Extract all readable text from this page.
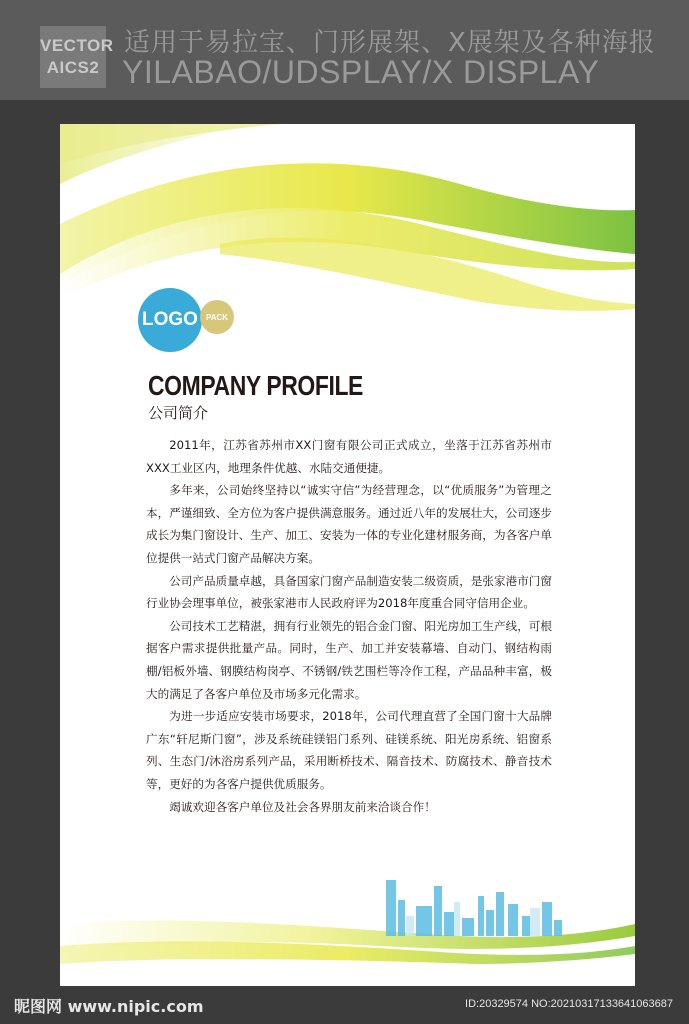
VECTOR
AICS2
适用于易拉宝、门形展架、X展架及各种海报
YILABAO/UDSPLAY/X DISPLAY
LOGO PACK
COMPANY PROFILE
公司简介

2011年，江苏省苏州市XX门窗有限公司正式成立，坐落于江苏省苏州市XXX工业区内，地理条件优越、水陆交通便捷。

多年来，公司始终坚持以“诚实守信”为经营理念，以“优质服务”为管理之本，严谨细致、全方位为客户提供满意服务。通过近八年的发展壮大，公司逐步成长为集门窗设计、生产、加工、安装为一体的专业化建材服务商，为各客户单位提供一站式门窗产品解决方案。

公司产品质量卓越，具备国家门窗产品制造安装二级资质，是张家港市门窗行业协会理事单位，被张家港市人民政府评为2018年度重合同守信用企业。

公司技术工艺精湛，拥有行业领先的铝合金门窗、阳光房加工生产线，可根据客户需求提供批量产品。同时，生产、加工并安装幕墙、自动门、钢结构雨棚/铝板外墙、钢膜结构岗亭、不锈钢/铁艺围栏等冷作工程，产品品种丰富，极大的满足了各客户单位及市场多元化需求。

为进一步适应安装市场要求，2018年，公司代理直营了全国门窗十大品牌广东“轩尼斯门窗”，涉及系统硅镁铝门系列、硅镁系统、阳光房系统、铝窗系列、生态门/沐浴房系列产品，采用断桥技术、隔音技术、防腐技术、静音技术等，更好的为各客户提供优质服务。

竭诚欢迎各客户单位及社会各界朋友前来洽谈合作！

昵图网 www.nipic.com	ID:20329574 NO:20210317133641063687
